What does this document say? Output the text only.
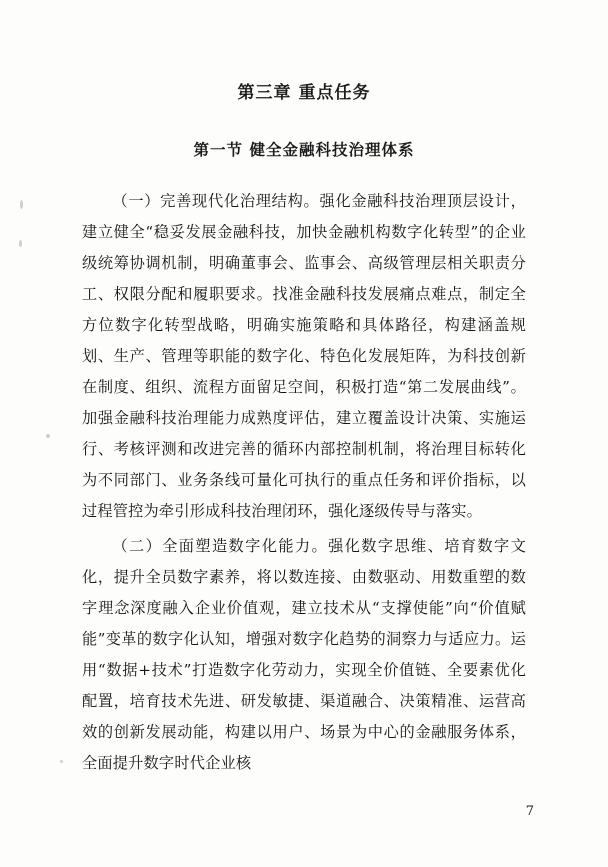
第三章 重点任务
第一节 健全金融科技治理体系

（一）完善现代化治理结构。强化金融科技治理顶层设计，建立健全“稳妥发展金融科技，加快金融机构数字化转型”的企业级统筹协调机制，明确董事会、监事会、高级管理层相关职责分工、权限分配和履职要求。找准金融科技发展痛点难点，制定全方位数字化转型战略，明确实施策略和具体路径，构建涵盖规划、生产、管理等职能的数字化、特色化发展矩阵，为科技创新在制度、组织、流程方面留足空间，积极打造“第二发展曲线”。加强金融科技治理能力成熟度评估，建立覆盖设计决策、实施运行、考核评测和改进完善的循环内部控制机制，将治理目标转化为不同部门、业务条线可量化可执行的重点任务和评价指标，以过程管控为牵引形成科技治理闭环，强化逐级传导与落实。

（二）全面塑造数字化能力。强化数字思维、培育数字文化，提升全员数字素养，将以数连接、由数驱动、用数重塑的数字理念深度融入企业价值观，建立技术从“支撑使能”向“价值赋能”变革的数字化认知，增强对数字化趋势的洞察力与适应力。运用“数据+技术”打造数字化劳动力，实现全价值链、全要素优化配置，培育技术先进、研发敏捷、渠道融合、决策精准、运营高效的创新发展动能，构建以用户、场景为中心的金融服务体系，全面提升数字时代企业核

7
